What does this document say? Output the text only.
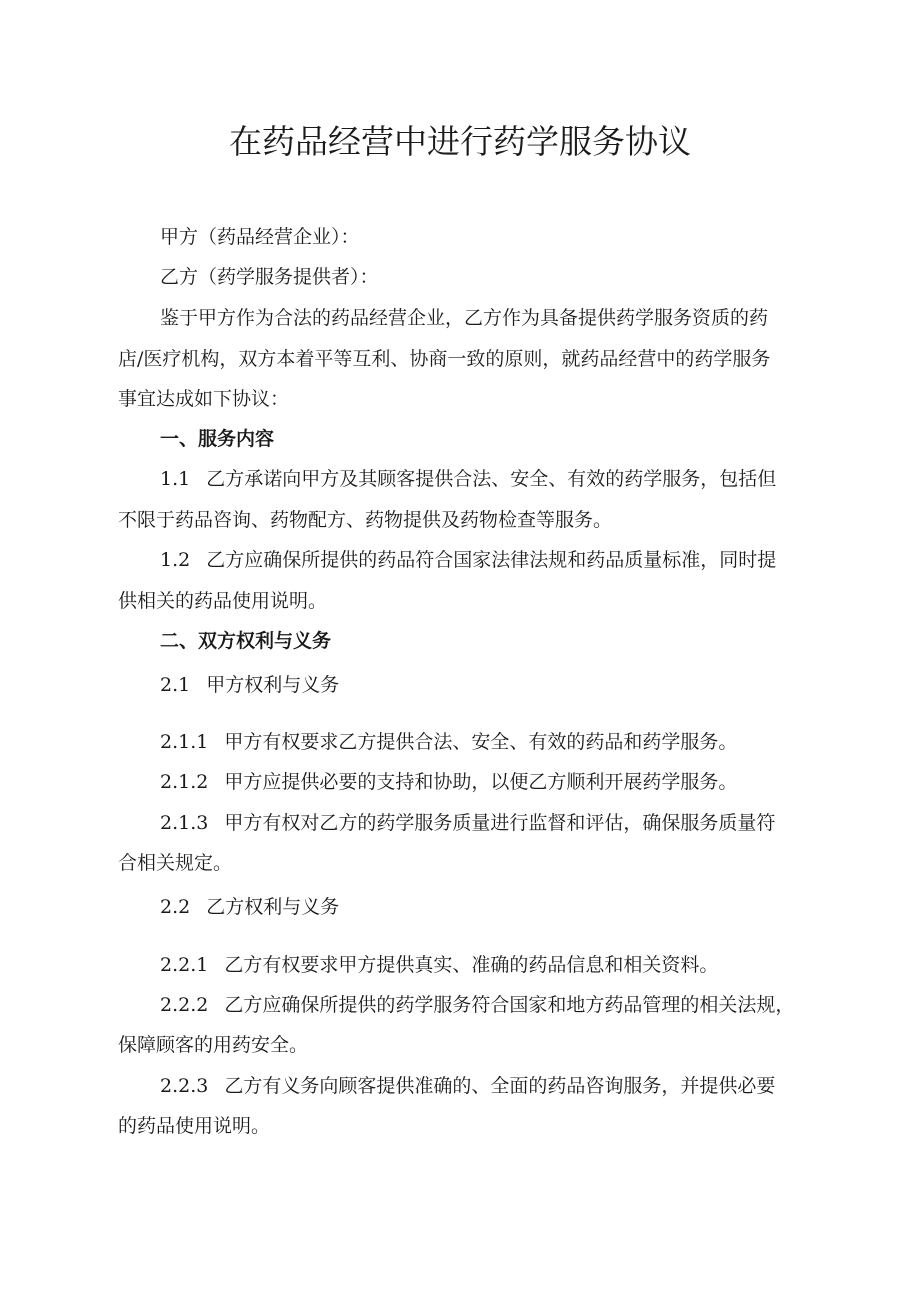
在药品经营中进行药学服务协议

甲方（药品经营企业）：

乙方（药学服务提供者）：

鉴于甲方作为合法的药品经营企业，乙方作为具备提供药学服务资质的药

店/医疗机构，双方本着平等互利、协商一致的原则，就药品经营中的药学服务

事宜达成如下协议：

一、服务内容

1.1 乙方承诺向甲方及其顾客提供合法、安全、有效的药学服务，包括但

不限于药品咨询、药物配方、药物提供及药物检查等服务。

1.2 乙方应确保所提供的药品符合国家法律法规和药品质量标准，同时提

供相关的药品使用说明。

二、双方权利与义务

2.1 甲方权利与义务

2.1.1 甲方有权要求乙方提供合法、安全、有效的药品和药学服务。

2.1.2 甲方应提供必要的支持和协助，以便乙方顺利开展药学服务。

2.1.3 甲方有权对乙方的药学服务质量进行监督和评估，确保服务质量符

合相关规定。

2.2 乙方权利与义务

2.2.1 乙方有权要求甲方提供真实、准确的药品信息和相关资料。

2.2.2 乙方应确保所提供的药学服务符合国家和地方药品管理的相关法规，

保障顾客的用药安全。

2.2.3 乙方有义务向顾客提供准确的、全面的药品咨询服务，并提供必要

的药品使用说明。
